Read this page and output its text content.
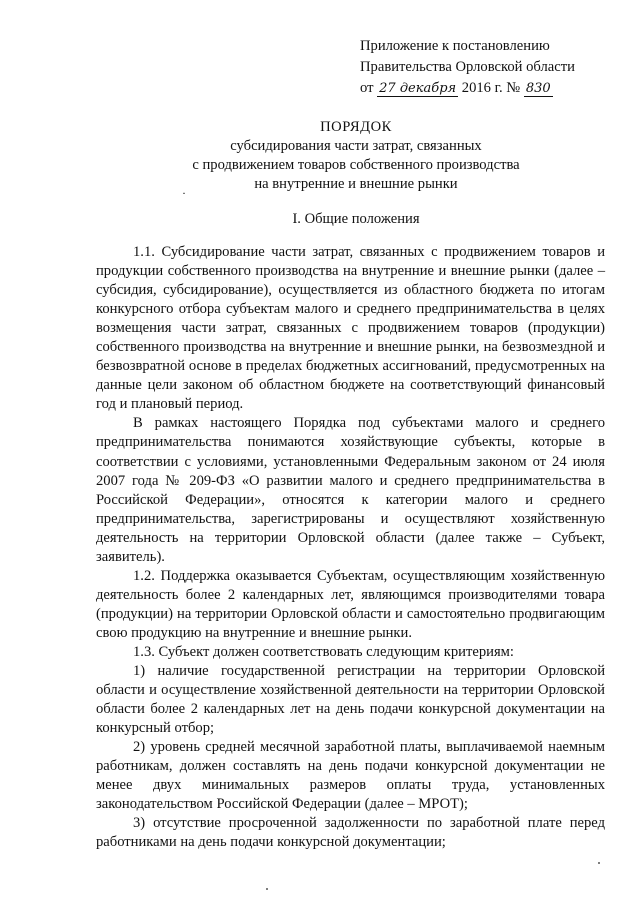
Приложение к постановлению
Правительства Орловской области
от 27 декабря 2016 г. № 830
ПОРЯДОК
субсидирования части затрат, связанных
с продвижением товаров собственного производства
на внутренние и внешние рынки
·
I. Общие положения

1.1. Субсидирование части затрат, связанных с продвижением товаров и продукции собственного производства на внутренние и внешние рынки (далее – субсидия, субсидирование), осуществляется из областного бюджета по итогам конкурсного отбора субъектам малого и среднего предпринимательства в целях возмещения части затрат, связанных с продвижением товаров (продукции) собственного производства на внутренние и внешние рынки, на безвозмездной и безвозвратной основе в пределах бюджетных ассигнований, предусмотренных на данные цели законом об областном бюджете на соответствующий финансовый год и плановый период.

В рамках настоящего Порядка под субъектами малого и среднего предпринимательства понимаются хозяйствующие субъекты, которые в соответствии с условиями, установленными Федеральным законом от 24 июля 2007 года № 209-ФЗ «О развитии малого и среднего предпринимательства в Российской Федерации», относятся к категории малого и среднего предпринимательства, зарегистрированы и осуществляют хозяйственную деятельность на территории Орловской области (далее также – Субъект, заявитель).

1.2. Поддержка оказывается Субъектам, осуществляющим хозяйственную деятельность более 2 календарных лет, являющимся производителями товара (продукции) на территории Орловской области и самостоятельно продвигающим свою продукцию на внутренние и внешние рынки.

1.3. Субъект должен соответствовать следующим критериям:

1) наличие государственной регистрации на территории Орловской области и осуществление хозяйственной деятельности на территории Орловской области более 2 календарных лет на день подачи конкурсной документации на конкурсный отбор;

2) уровень средней месячной заработной платы, выплачиваемой наемным работникам, должен составлять на день подачи конкурсной документации не менее двух минимальных размеров оплаты труда, установленных законодательством Российской Федерации (далее – МРОТ);

3) отсутствие просроченной задолженности по заработной плате перед работниками на день подачи конкурсной документации;
